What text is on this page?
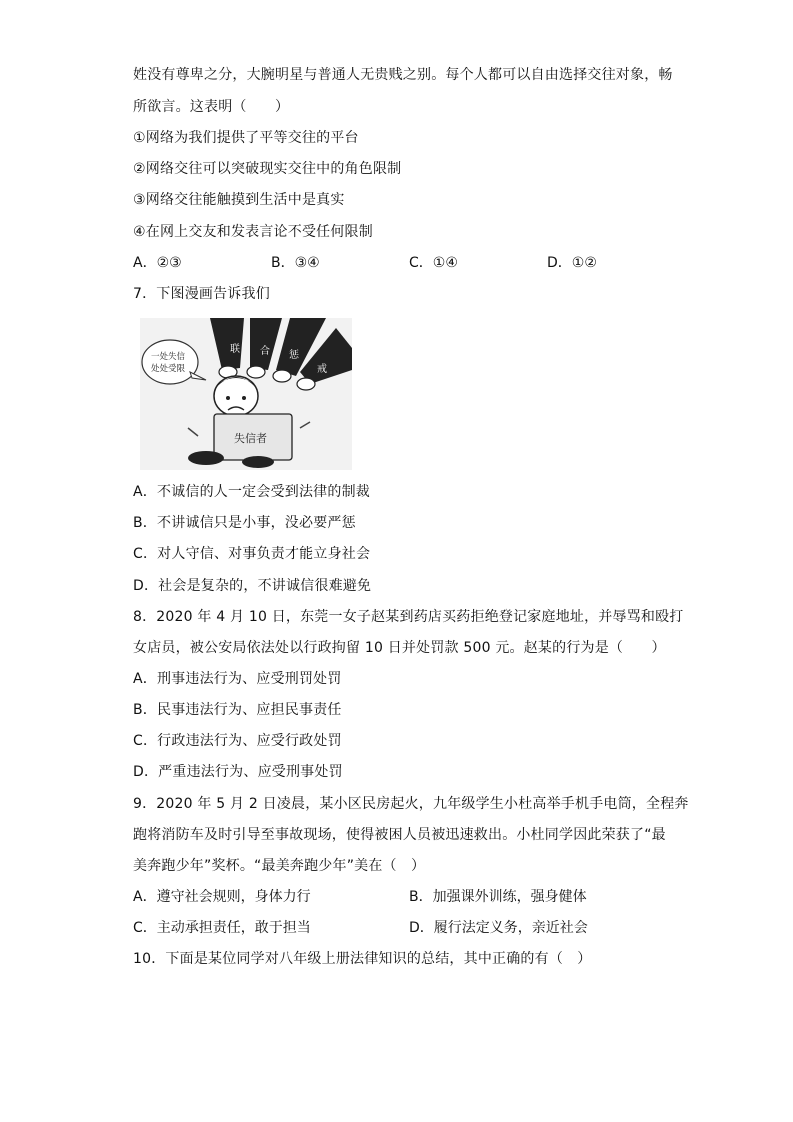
姓没有尊卑之分，大腕明星与普通人无贵贱之别。每个人都可以自由选择交往对象，畅
所欲言。这表明（　　）
①网络为我们提供了平等交往的平台
②网络交往可以突破现实交往中的角色限制
③网络交往能触摸到生活中是真实
④在网上交友和发表言论不受任何限制
A．②③	B．③④	C．①④	D．①②
7．下图漫画告诉我们
联 合 惩
戒
一处失信
处处受限
失信者
A．不诚信的人一定会受到法律的制裁
B．不讲诚信只是小事，没必要严惩
C．对人守信、对事负责才能立身社会
D．社会是复杂的，不讲诚信很难避免
8．2020 年 4 月 10 日，东莞一女子赵某到药店买药拒绝登记家庭地址，并辱骂和殴打
女店员，被公安局依法处以行政拘留 10 日并处罚款 500 元。赵某的行为是（　　）
A．刑事违法行为、应受刑罚处罚
B．民事违法行为、应担民事责任
C．行政违法行为、应受行政处罚
D．严重违法行为、应受刑事处罚
9．2020 年 5 月 2 日凌晨，某小区民房起火，九年级学生小杜高举手机手电筒，全程奔
跑将消防车及时引导至事故现场，使得被困人员被迅速救出。小杜同学因此荣获了“最
美奔跑少年”奖杯。“最美奔跑少年”美在（　）
A．遵守社会规则，身体力行	B．加强课外训练，强身健体
C．主动承担责任，敢于担当	D．履行法定义务，亲近社会
10．下面是某位同学对八年级上册法律知识的总结，其中正确的有（　）
